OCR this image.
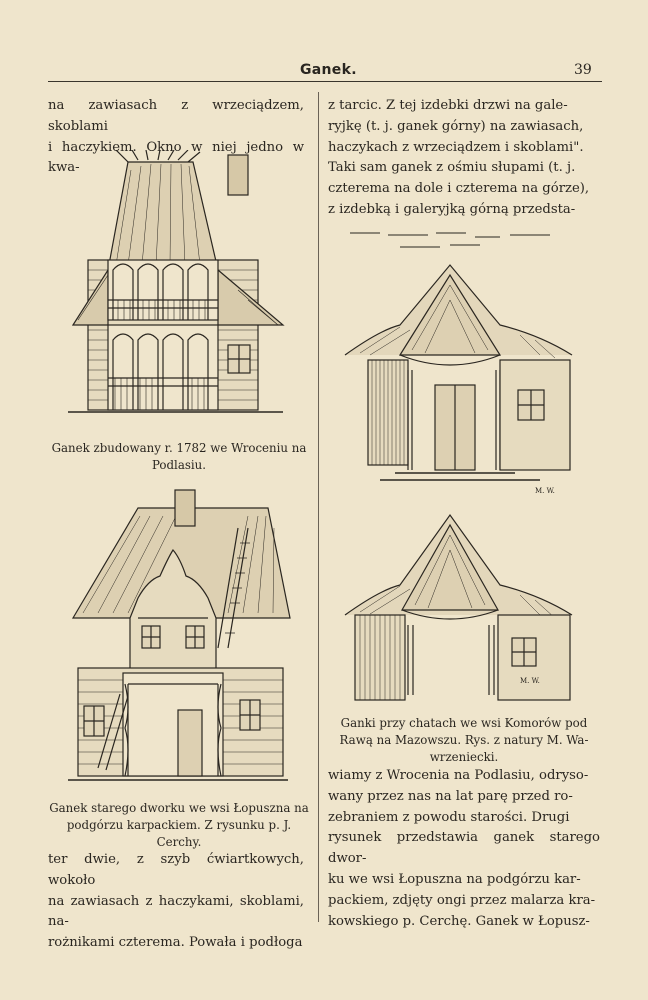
Ganek.	39

na zawiasach z wrzeciądzem, skoblami

i haczykiem. Okno w niej jedno w kwa-

Ganek zbudowany r. 1782 we Wroceniu na
Podlasiu.
Ganek starego dworku we wsi Łopuszna na
podgórzu karpackiem. Z rysunku p. J. Cerchy.

ter dwie, z szyb ćwiartkowych, wokoło

na zawiasach z haczykami, skoblami, na-

rożnikami czterema. Powała i podłoga

z tarcic. Z tej izdebki drzwi na gale-

ryjkę (t. j. ganek górny) na zawiasach,

haczykach z wrzeciądzem i skoblami".

Taki sam ganek z ośmiu słupami (t. j.

czterema na dole i czterema na górze),

z izdebką i galeryjką górną przedsta-

M. W.
M. W.
Ganki przy chatach we wsi Komorów pod
Rawą na Mazowszu. Rys. z natury M. Wa-
wrzeniecki.

wiamy z Wrocenia na Podlasiu, odryso-

wany przez nas na lat parę przed ro-

zebraniem z powodu starości. Drugi

rysunek przedstawia ganek starego dwor-

ku we wsi Łopuszna na podgórzu kar-

packiem, zdjęty ongi przez malarza kra-

kowskiego p. Cerchę. Ganek w Łopusz-
